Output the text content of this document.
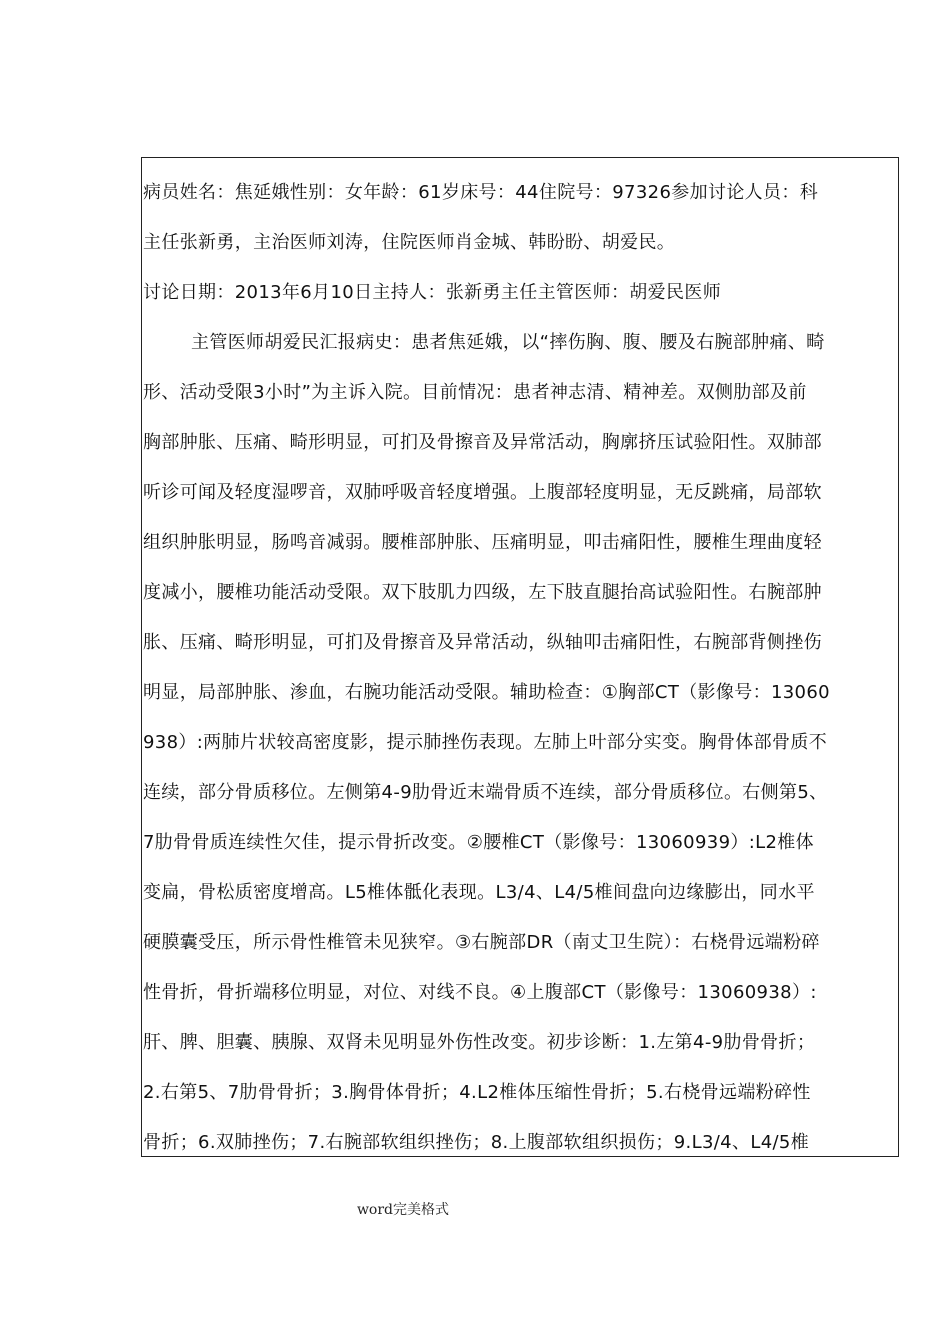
病员姓名：焦延娥性别：女年龄：61岁床号：44住院号：97326参加讨论人员：科
主任张新勇，主治医师刘涛，住院医师肖金城、韩盼盼、胡爱民。
讨论日期：2013年6月10日主持人：张新勇主任主管医师：胡爱民医师
主管医师胡爱民汇报病史：患者焦延娥，以“摔伤胸、腹、腰及右腕部肿痛、畸
形、活动受限3小时”为主诉入院。目前情况：患者神志清、精神差。双侧肋部及前
胸部肿胀、压痛、畸形明显，可扪及骨擦音及异常活动，胸廓挤压试验阳性。双肺部
听诊可闻及轻度湿啰音，双肺呼吸音轻度增强。上腹部轻度明显，无反跳痛，局部软
组织肿胀明显，肠鸣音减弱。腰椎部肿胀、压痛明显，叩击痛阳性，腰椎生理曲度轻
度减小，腰椎功能活动受限。双下肢肌力四级，左下肢直腿抬高试验阳性。右腕部肿
胀、压痛、畸形明显，可扪及骨擦音及异常活动，纵轴叩击痛阳性，右腕部背侧挫伤
明显，局部肿胀、渗血，右腕功能活动受限。辅助检查：①胸部CT（影像号：13060
938）:两肺片状较高密度影，提示肺挫伤表现。左肺上叶部分实变。胸骨体部骨质不
连续，部分骨质移位。左侧第4-9肋骨近末端骨质不连续，部分骨质移位。右侧第5、
7肋骨骨质连续性欠佳，提示骨折改变。②腰椎CT（影像号：13060939）:L2椎体
变扁，骨松质密度增高。L5椎体骶化表现。L3/4、L4/5椎间盘向边缘膨出，同水平
硬膜囊受压，所示骨性椎管未见狭窄。③右腕部DR（南丈卫生院）：右桡骨远端粉碎
性骨折，骨折端移位明显，对位、对线不良。④上腹部CT（影像号：13060938）:
肝、脾、胆囊、胰腺、双肾未见明显外伤性改变。初步诊断：1.左第4-9肋骨骨折；
2.右第5、7肋骨骨折；3.胸骨体骨折；4.L2椎体压缩性骨折；5.右桡骨远端粉碎性
骨折；6.双肺挫伤；7.右腕部软组织挫伤；8.上腹部软组织损伤；9.L3/4、L4/5椎
word完美格式
